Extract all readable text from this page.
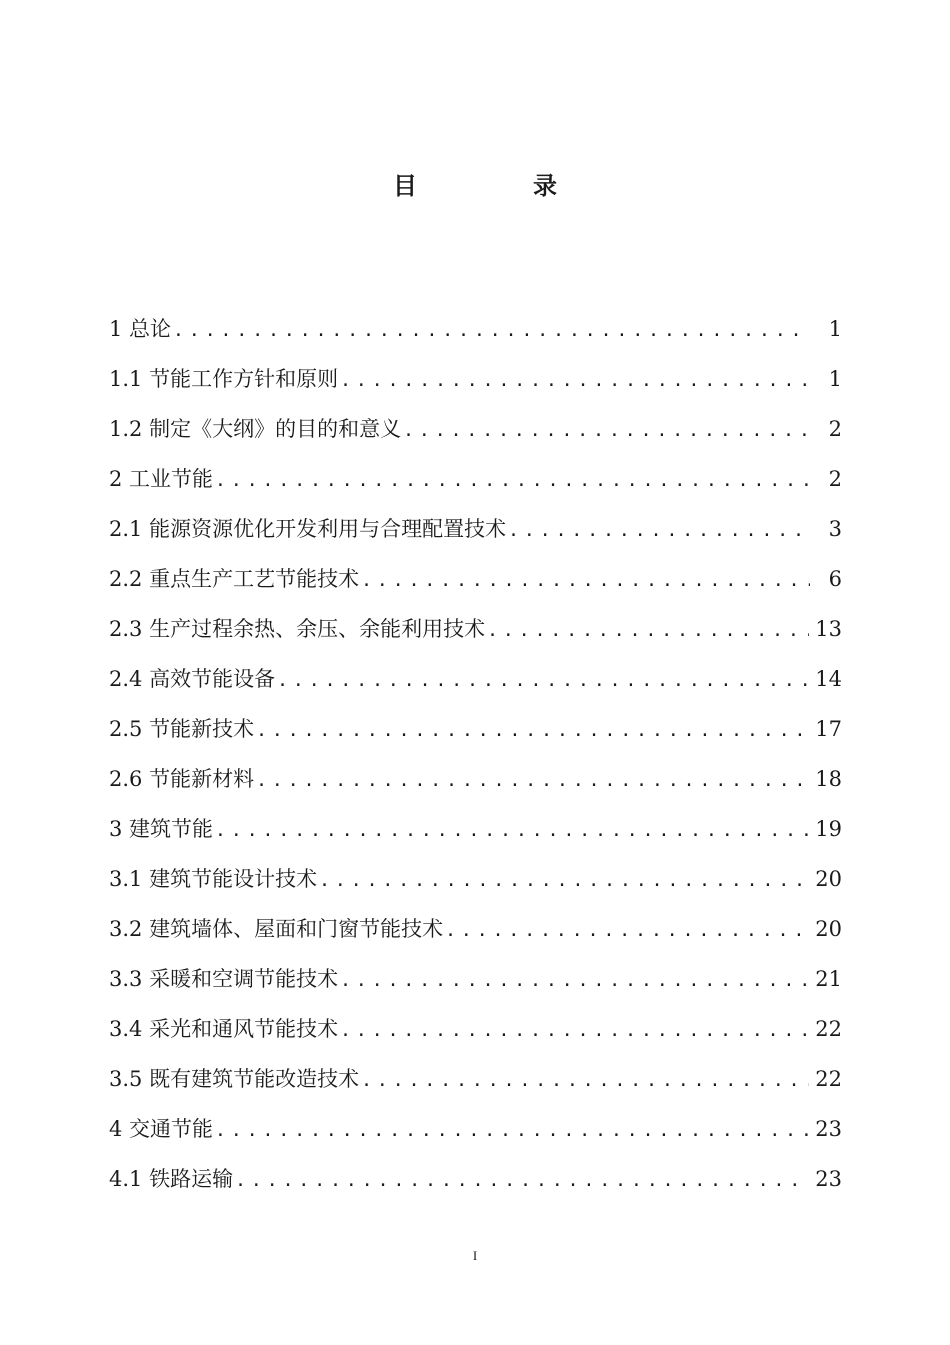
目　录
1 总论 .....	1
1.1 节能工作方针和原则 .....	1
1.2 制定《大纲》的目的和意义 .....	2
2 工业节能 .....	2
2.1 能源资源优化开发利用与合理配置技术 .....	3
2.2 重点生产工艺节能技术 .....	6
2.3 生产过程余热、余压、余能利用技术 .....	13
2.4 高效节能设备 .....	14
2.5 节能新技术 .....	17
2.6 节能新材料 .....	18
3 建筑节能 .....	19
3.1 建筑节能设计技术 .....	20
3.2 建筑墙体、屋面和门窗节能技术 .....	20
3.3 采暖和空调节能技术 .....	21
3.4 采光和通风节能技术 .....	22
3.5 既有建筑节能改造技术 .....	22
4 交通节能 .....	23
4.1 铁路运输 .....	23
I
